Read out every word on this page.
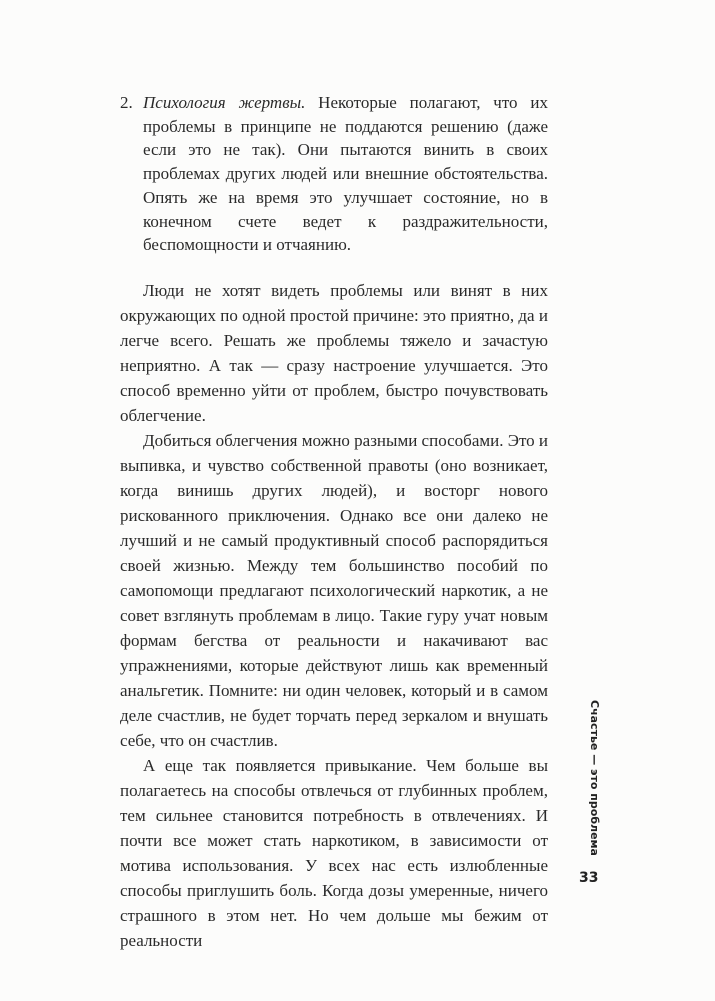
2. Психология жертвы. Некоторые полагают, что их проблемы в принципе не поддаются решению (даже если это не так). Они пытаются винить в своих проблемах других людей или внешние обстоятельства. Опять же на время это улучшает состояние, но в конечном счете ведет к раздражительности, беспомощности и отчаянию.

Люди не хотят видеть проблемы или винят в них окружающих по одной простой причине: это приятно, да и легче всего. Решать же проблемы тяжело и зачастую неприятно. А так — сразу настроение улучшается. Это способ временно уйти от проблем, быстро почувствовать облегчение.

Добиться облегчения можно разными способами. Это и выпивка, и чувство собственной правоты (оно возникает, когда винишь других людей), и восторг нового рискованного приключения. Однако все они далеко не лучший и не самый продуктивный способ распорядиться своей жизнью. Между тем большинство пособий по самопомощи предлагают психологический наркотик, а не совет взглянуть проблемам в лицо. Такие гуру учат новым формам бегства от реальности и накачивают вас упражнениями, которые действуют лишь как временный анальгетик. Помните: ни один человек, который и в самом деле счастлив, не будет торчать перед зеркалом и внушать себе, что он счастлив.

А еще так появляется привыкание. Чем больше вы полагаетесь на способы отвлечься от глубинных проблем, тем сильнее становится потребность в отвлечениях. И почти все может стать наркотиком, в зависимости от мотива использования. У всех нас есть излюбленные способы приглушить боль. Когда дозы умеренные, ничего страшного в этом нет. Но чем дольше мы бежим от реальности

Счастье — это проблема
33
